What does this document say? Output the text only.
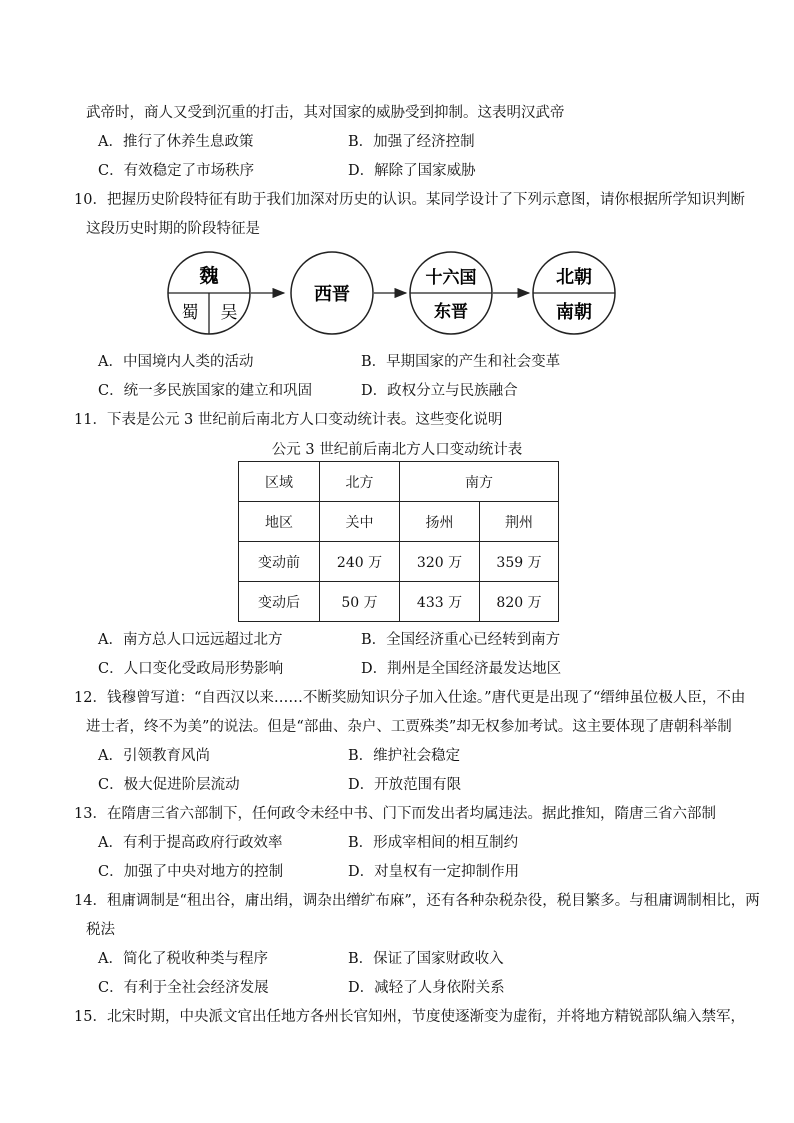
武帝时，商人又受到沉重的打击，其对国家的威胁受到抑制。这表明汉武帝
A．推行了休养生息政策	B．加强了经济控制
C．有效稳定了市场秩序	D．解除了国家威胁
10．把握历史阶段特征有助于我们加深对历史的认识。某同学设计了下列示意图，请你根据所学知识判断
这段历史时期的阶段特征是
魏
蜀 吴
西晋
十六国
东晋
北朝
南朝
A．中国境内人类的活动	B．早期国家的产生和社会变革
C．统一多民族国家的建立和巩固	D．政权分立与民族融合
11．下表是公元 3 世纪前后南北方人口变动统计表。这些变化说明
公元 3 世纪前后南北方人口变动统计表
区域	北方	南方	
地区	关中	扬州	荆州
变动前	240 万	320 万	359 万
变动后	50 万	433 万	820 万
A．南方总人口远远超过北方	B．全国经济重心已经转到南方
C．人口变化受政局形势影响	D．荆州是全国经济最发达地区
12．钱穆曾写道：“自西汉以来……不断奖励知识分子加入仕途。”唐代更是出现了“缙绅虽位极人臣，不由
进士者，终不为美”的说法。但是“部曲、杂户、工贾殊类”却无权参加考试。这主要体现了唐朝科举制
A．引领教育风尚	B．维护社会稳定
C．极大促进阶层流动	D．开放范围有限
13．在隋唐三省六部制下，任何政令未经中书、门下而发出者均属违法。据此推知，隋唐三省六部制
A．有利于提高政府行政效率	B．形成宰相间的相互制约
C．加强了中央对地方的控制	D．对皇权有一定抑制作用
14．租庸调制是“租出谷，庸出绢，调杂出缯纩布麻”，还有各种杂税杂役，税目繁多。与租庸调制相比，两
税法
A．简化了税收种类与程序	B．保证了国家财政收入
C．有利于全社会经济发展	D．减轻了人身依附关系
15．北宋时期，中央派文官出任地方各州长官知州，节度使逐渐变为虚衔，并将地方精锐部队编入禁军，
